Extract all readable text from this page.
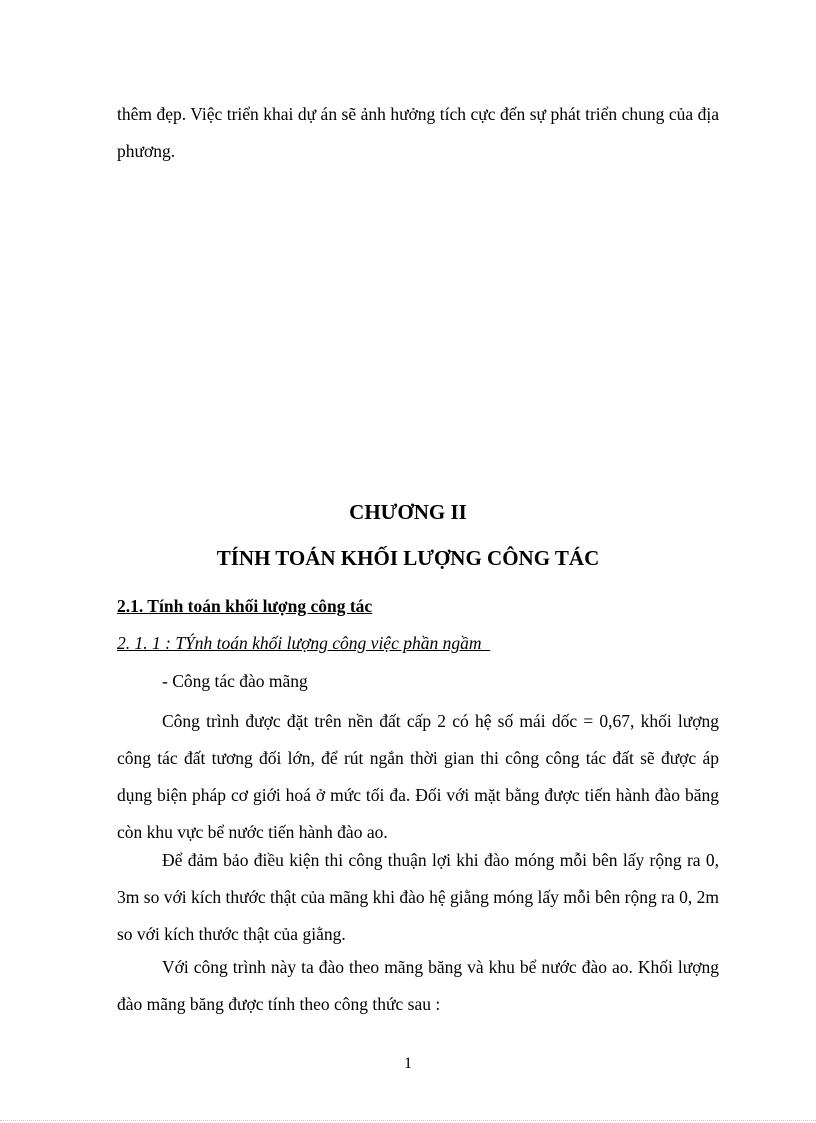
thêm đẹp. Việc triển khai dự án sẽ ảnh hưởng tích cực đến sự phát triển chung của địa phương.
CHƯƠNG II
TÍNH TOÁN KHỐI LƯỢNG CÔNG TÁC
2.1. Tính toán khối lượng công tác
2. 1. 1 : TÝnh toán khối lượng công việc phần ngầm
- Công tác đào mãng
Công trình được đặt trên nền đất cấp 2 có hệ số mái dốc = 0,67, khối lượng công tác đất tương đối lớn, để rút ngắn thời gian thi công công tác đất sẽ được áp dụng biện pháp cơ giới hoá ở mức tối đa. Đối với mặt bằng được tiến hành đào băng còn khu vực bể nước tiến hành đào ao.
Để đảm bảo điều kiện thi công thuận lợi khi đào móng mỗi bên lấy rộng ra 0, 3m so với kích thước thật của mãng khi đào hệ giằng móng lấy mỗi bên rộng ra 0, 2m so với kích thước thật của giằng.
Với công trình này ta đào theo mãng băng và khu bể nước đào ao. Khối lượng đào mãng băng được tính theo công thức sau :
1
